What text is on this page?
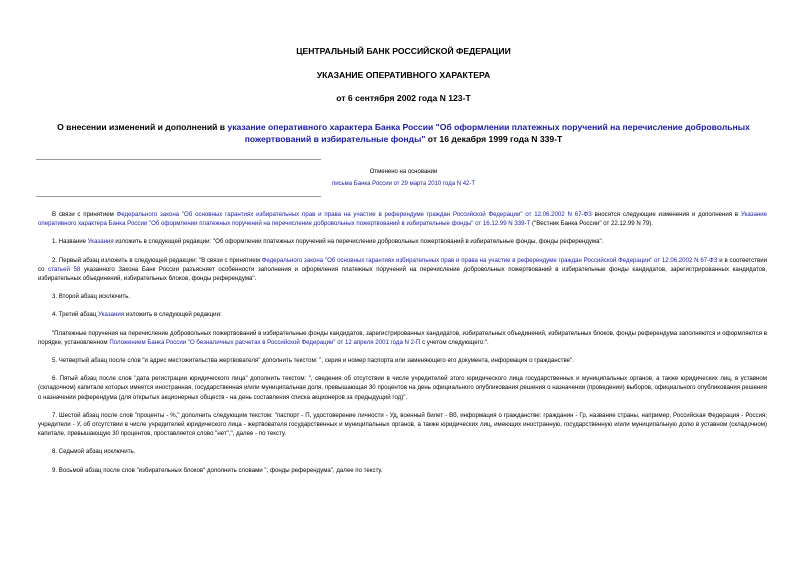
ЦЕНТРАЛЬНЫЙ БАНК РОССИЙСКОЙ ФЕДЕРАЦИИ
УКАЗАНИЕ ОПЕРАТИВНОГО ХАРАКТЕРА
от 6 сентября 2002 года N 123-Т
О внесении изменений и дополнений в указание оперативного характера Банка России "Об оформлении платежных поручений на перечисление добровольных пожертвований в избирательные фонды" от 16 декабря 1999 года N 339-Т
Отменено на основании
письма Банка России от 29 марта 2010 года N 42-Т

В связи с принятием Федерального закона "Об основных гарантиях избирательных прав и права на участие в референдуме граждан Российской Федерации" от 12.06.2002 N 67-ФЗ вносятся следующие изменения и дополнения в Указание оперативного характера Банка России "Об оформлении платежных поручений на перечисление добровольных пожертвований в избирательные фонды" от 16.12.99 N 339-Т ("Вестник Банка России" от 22.12.99 N 79).

1. Название Указания изложить в следующей редакции: "Об оформлении платежных поручений на перечисление добровольных пожертвований в избирательные фонды, фонды референдума".

2. Первый абзац изложить в следующей редакции: "В связи с принятием Федерального закона "Об основных гарантиях избирательных прав и права на участие в референдуме граждан Российской Федерации" от 12.06.2002 N 67-ФЗ и в соответствии со статьей 58 указанного Закона Банк России разъясняет особенности заполнения и оформления платежных поручений на перечисление добровольных пожертвований в избирательные фонды кандидатов, зарегистрированных кандидатов, избирательных объединений, избирательных блоков, фонды референдума".

3. Второй абзац исключить.

4. Третий абзац Указания изложить в следующей редакции:

"Платежные поручения на перечисление добровольных пожертвований в избирательные фонды кандидатов, зарегистрированных кандидатов, избирательных объединений, избирательных блоков, фонды референдума заполняются и оформляются в порядке, установленном Положением Банка России "О безналичных расчетах в Российской Федерации" от 12 апреля 2001 года N 2-П с учетом следующего:".

5. Четвертый абзац после слов "и адрес местожительства жертвователя" дополнить текстом: ", серия и номер паспорта или заменяющего его документа, информация о гражданстве".

6. Пятый абзац после слов "дата регистрации юридического лица" дополнить текстом: ", сведения об отсутствии в числе учредителей этого юридического лица государственных и муниципальных органов, а также юридических лиц, в уставном (складочном) капитале которых имеется иностранная, государственная и/или муниципальная доля, превышающая 30 процентов на день официального опубликования решения о назначении (проведении) выборов, официального опубликования решения о назначении референдума (для открытых акционерных обществ - на день составления списка акционеров за предыдущий год)".

7. Шестой абзац после слов "проценты - %," дополнить следующим текстом: "паспорт - П, удостоверение личности - Уд, военный билет - Вб, информация о гражданстве: гражданин - Гр, название страны, например, Российская Федерация - Россия; учредители - У, об отсутствии в числе учредителей юридического лица - жертвователя государственных и муниципальных органов, а также юридических лиц, имеющих иностранную, государственную и/или муниципальную долю в уставном (складочном) капитале, превышающую 30 процентов, проставляется слово "нет",", далее - по тексту.

8. Седьмой абзац исключить.

9. Восьмой абзац после слов "избирательных блоков" дополнить словами ", фонды референдума", далее по тексту.
